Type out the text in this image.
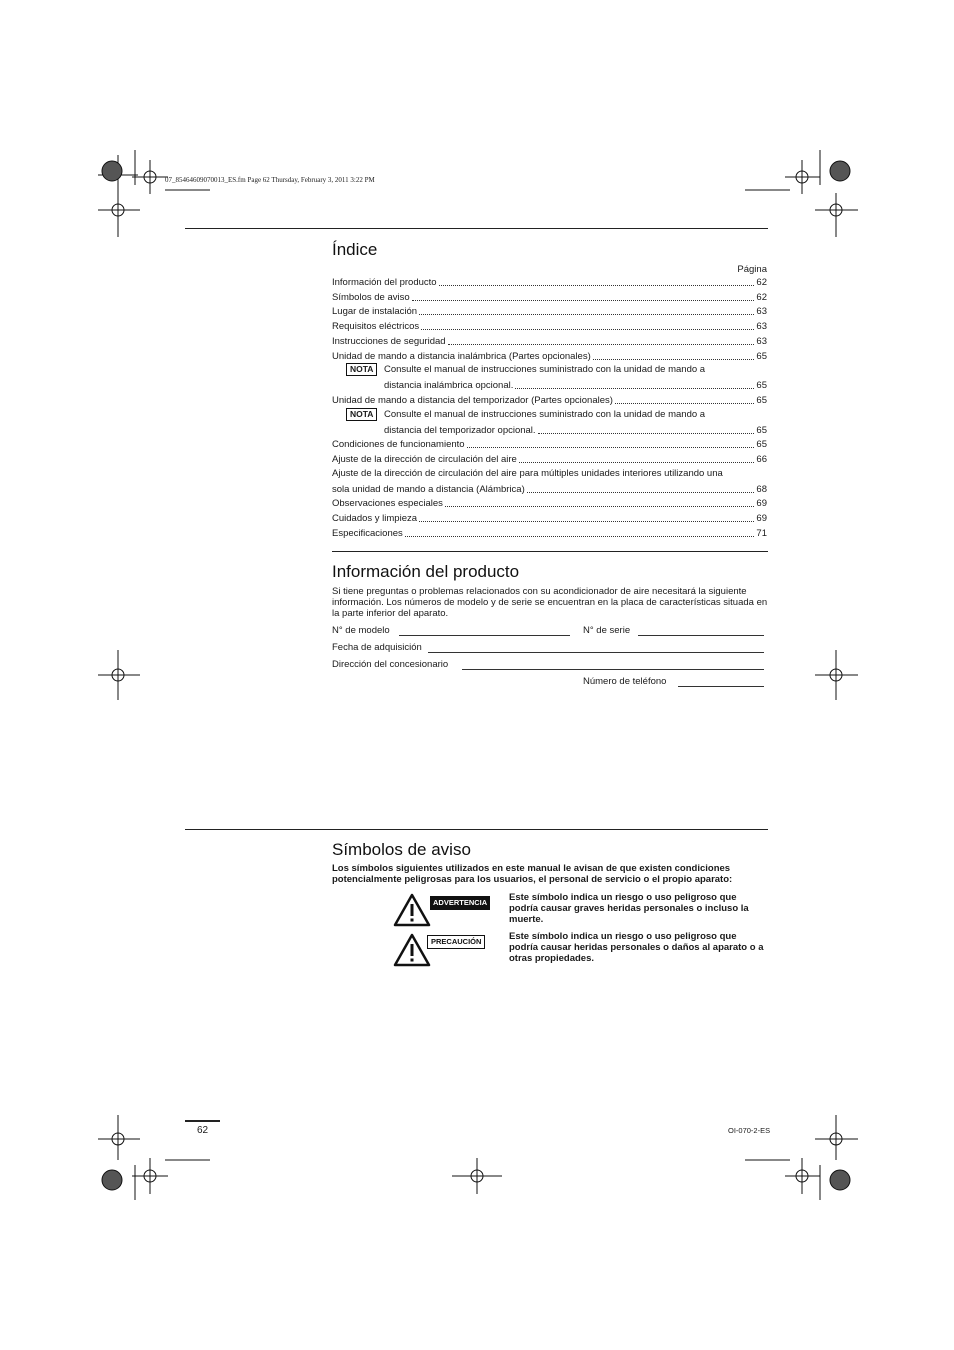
07_85464609070013_ES.fm Page 62 Thursday, February 3, 2011 3:22 PM
Índice
Página
Información del producto	62
Símbolos de aviso	62
Lugar de instalación	63
Requisitos eléctricos	63
Instrucciones de seguridad	63
Unidad de mando a distancia inalámbrica (Partes opcionales)	65
NOTA	Consulte el manual de instrucciones suministrado con la unidad de mando a
distancia inalámbrica opcional.	65
Unidad de mando a distancia del temporizador (Partes opcionales)	65
NOTA	Consulte el manual de instrucciones suministrado con la unidad de mando a
distancia del temporizador opcional.	65
Condiciones de funcionamiento	65
Ajuste de la dirección de circulación del aire	66
Ajuste de la dirección de circulación del aire para múltiples unidades interiores utilizando una
sola unidad de mando a distancia (Alámbrica)	68
Observaciones especiales	69
Cuidados y limpieza	69
Especificaciones	71
Información del producto
Si tiene preguntas o problemas relacionados con su acondicionador de aire necesitará la siguiente información. Los números de modelo y de serie se encuentran en la placa de características situada en la parte inferior del aparato.
N° de modelo	N° de serie
Fecha de adquisición
Dirección del concesionario
Número de teléfono
Símbolos de aviso
Los símbolos siguientes utilizados en este manual le avisan de que existen condiciones potencialmente peligrosas para los usuarios, el personal de servicio o el propio aparato:
ADVERTENCIA	Este símbolo indica un riesgo o uso peligroso que podría causar graves heridas personales o incluso la muerte.
PRECAUCIÓN	Este símbolo indica un riesgo o uso peligroso que podría causar heridas personales o daños al aparato o a otras propiedades.
62	OI-070-2-ES
